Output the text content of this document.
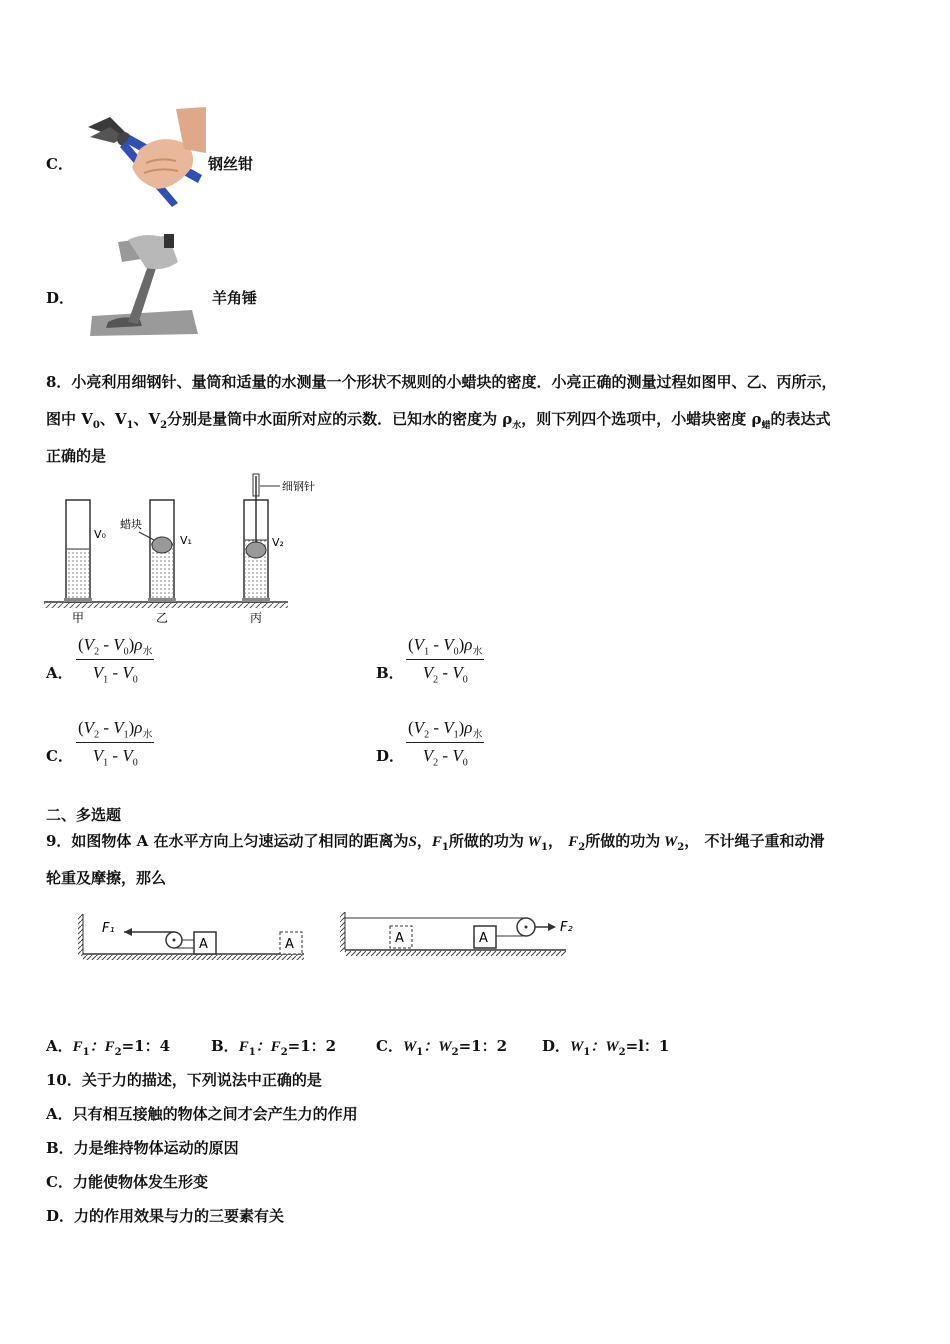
C．	钢丝钳
D．	羊角锤
8．小亮利用细钢针、量筒和适量的水测量一个形状不规则的小蜡块的密度．小亮正确的测量过程如图甲、乙、丙所示，
图中 $V_0$、$V_1$、$V_2$分别是量筒中水面所对应的示数．已知水的密度为 $\rho_水$，则下列四个选项中，小蜡块密度 $\rho_蜡$的表达式
正确的是
V₀
甲
蜡块
V₁
乙
细钢针
V₂
丙
A．
$(V_2 - V_0)\rho_水$
$V_1 - V_0$	B．
$(V_1 - V_0)\rho_水$
$V_2 - V_0$
C．
$(V_2 - V_1)\rho_水$
$V_1 - V_0$	D．
$(V_2 - V_1)\rho_水$
$V_2 - V_0$
二、多选题
9．如图物体 A 在水平方向上匀速运动了相同的距离为S，$F_1$所做的功为 $W_1$， $F_2$所做的功为 $W_2$， 不计绳子重和动滑
轮重及摩擦，那么
A	A
F₁
A	A
F₂
A．$F_1$：$F_2=1$：4	B．$F_1$：$F_2=1$：2	C．$W_1$：$W_2=1$：2 D．$W_1$：$W_2=l$：1
10．关于力的描述，下列说法中正确的是
A．只有相互接触的物体之间才会产生力的作用
B．力是维持物体运动的原因
C．力能使物体发生形变
D．力的作用效果与力的三要素有关
